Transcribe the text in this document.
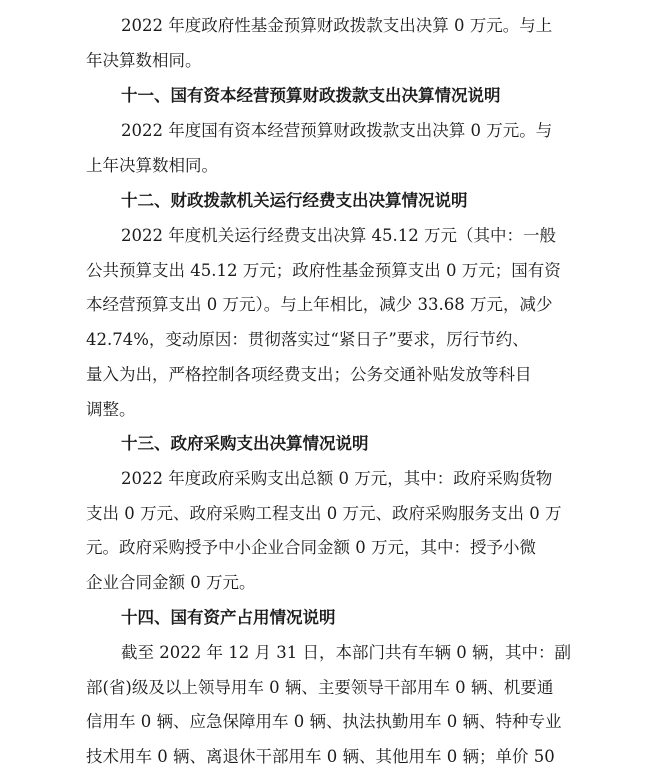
2022 年度政府性基金预算财政拨款支出决算 0 万元。与上
年决算数相同。
十一、国有资本经营预算财政拨款支出决算情况说明
2022 年度国有资本经营预算财政拨款支出决算 0 万元。与
上年决算数相同。
十二、财政拨款机关运行经费支出决算情况说明
2022 年度机关运行经费支出决算 45.12 万元（其中：一般
公共预算支出 45.12 万元；政府性基金预算支出 0 万元；国有资
本经营预算支出 0 万元）。与上年相比，减少 33.68 万元，减少
42.74%，变动原因：贯彻落实过“紧日子”要求，厉行节约、
量入为出，严格控制各项经费支出；公务交通补贴发放等科目
调整。
十三、政府采购支出决算情况说明
2022 年度政府采购支出总额 0 万元，其中：政府采购货物
支出 0 万元、政府采购工程支出 0 万元、政府采购服务支出 0 万
元。政府采购授予中小企业合同金额 0 万元，其中：授予小微
企业合同金额 0 万元。
十四、国有资产占用情况说明
截至 2022 年 12 月 31 日，本部门共有车辆 0 辆，其中：副
部(省)级及以上领导用车 0 辆、主要领导干部用车 0 辆、机要通
信用车 0 辆、应急保障用车 0 辆、执法执勤用车 0 辆、特种专业
技术用车 0 辆、离退休干部用车 0 辆、其他用车 0 辆；单价 50
